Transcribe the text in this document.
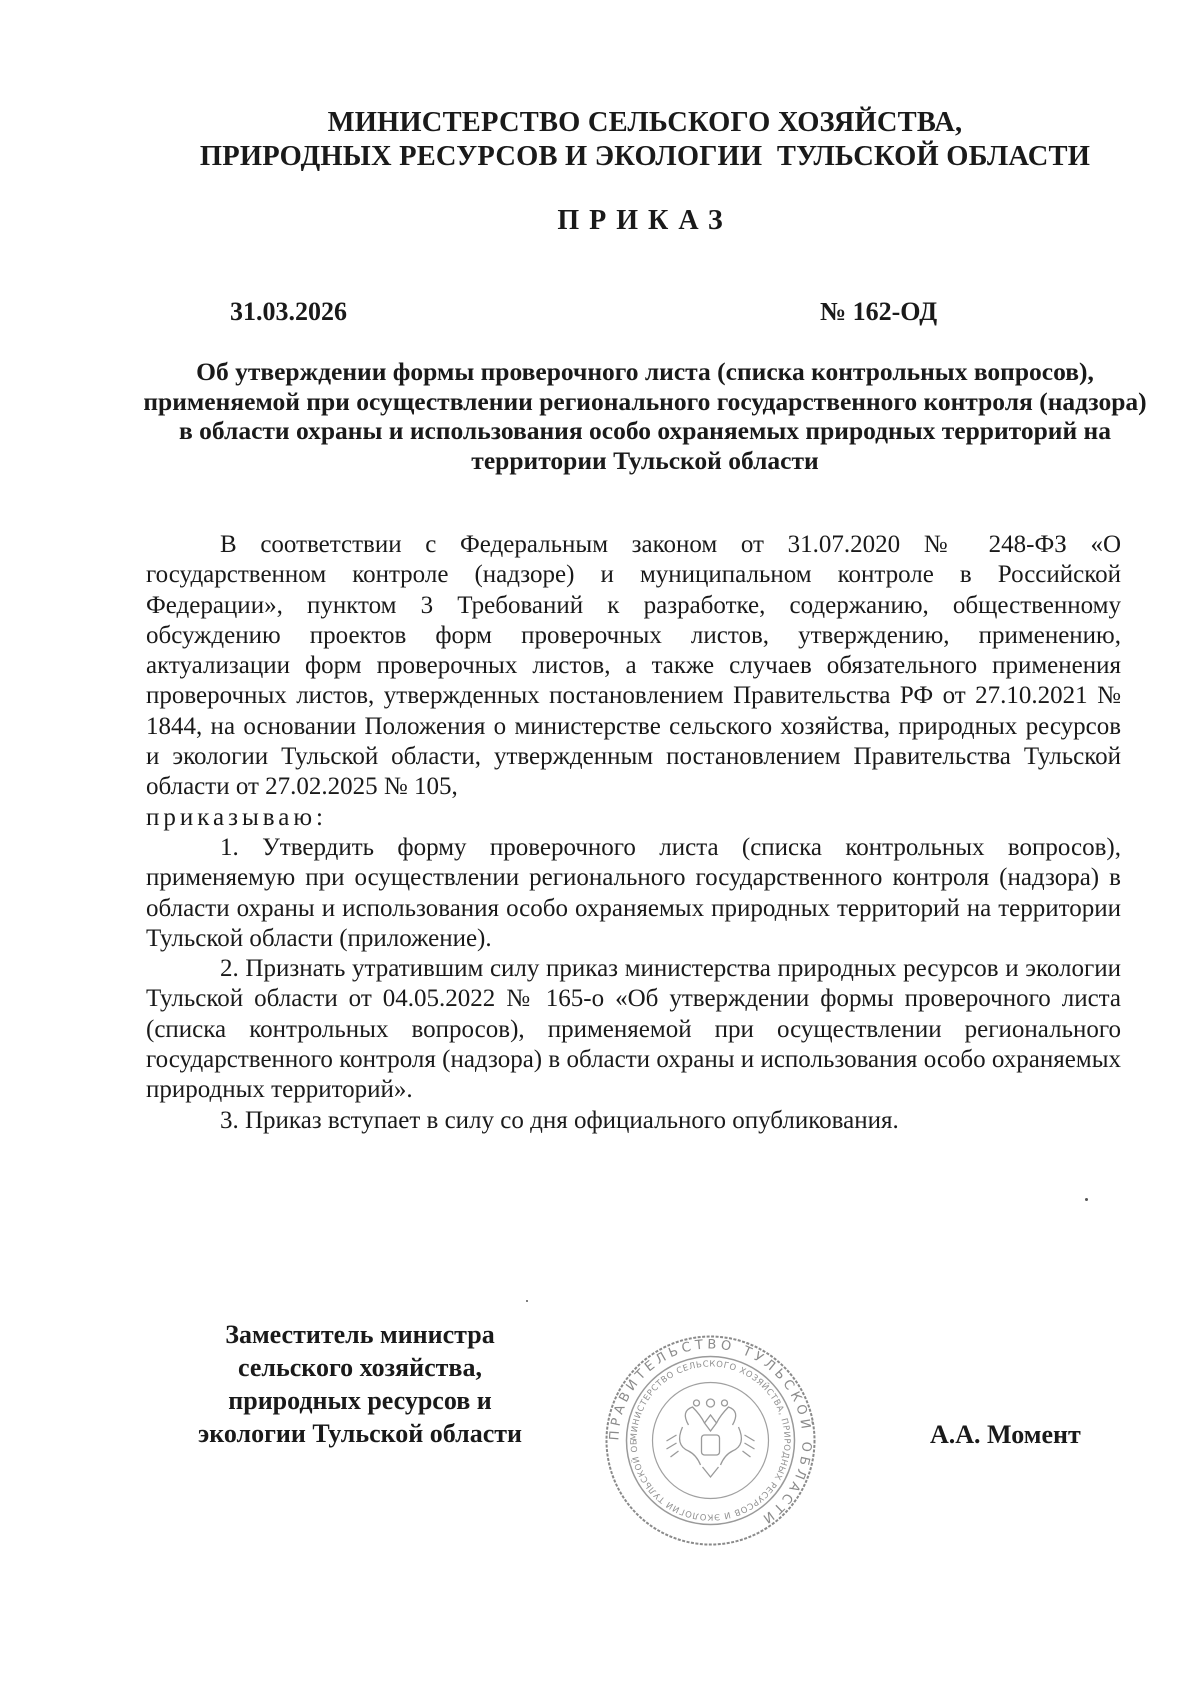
МИНИСТЕРСТВО СЕЛЬСКОГО ХОЗЯЙСТВА,
ПРИРОДНЫХ РЕСУРСОВ И ЭКОЛОГИИ  ТУЛЬСКОЙ ОБЛАСТИ
ПРИКАЗ
31.03.2026	№ 162-ОД
Об утверждении формы проверочного листа (списка контрольных вопросов), применяемой при осуществлении регионального государственного контроля (надзора) в области охраны и использования особо охраняемых природных территорий на территории Тульской области

В соответствии с Федеральным законом от 31.07.2020 № 248-ФЗ «О государственном контроле (надзоре) и муниципальном контроле в Российской Федерации», пунктом 3 Требований к разработке, содержанию, общественному обсуждению проектов форм проверочных листов, утверждению, применению, актуализации форм проверочных листов, а также случаев обязательного применения проверочных листов, утвержденных постановлением Правительства РФ от 27.10.2021 № 1844, на основании Положения о министерстве сельского хозяйства, природных ресурсов и экологии Тульской области, утвержденным постановлением Правительства Тульской области от 27.02.2025 № 105,

приказываю:

1. Утвердить форму проверочного листа (списка контрольных вопросов), применяемую при осуществлении регионального государственного контроля (надзора) в области охраны и использования особо охраняемых природных территорий на территории Тульской области (приложение).

2. Признать утратившим силу приказ министерства природных ресурсов и экологии Тульской области от 04.05.2022 № 165-о «Об утверждении формы проверочного листа (списка контрольных вопросов), применяемой при осуществлении регионального государственного контроля (надзора) в области охраны и использования особо охраняемых природных территорий».

3. Приказ вступает в силу со дня официального опубликования.

Заместитель министра
сельского хозяйства,
природных ресурсов и
экологии Тульской области	ПРАВИТЕЛЬСТВО ТУЛЬСКОЙ ОБЛАСТИ
МИНИСТЕРСТВО СЕЛЬСКОГО ХОЗЯЙСТВА, ПРИРОДНЫХ РЕСУРСОВ И ЭКОЛОГИИ ТУЛЬСКОЙ ОБ	А.А. Момент
